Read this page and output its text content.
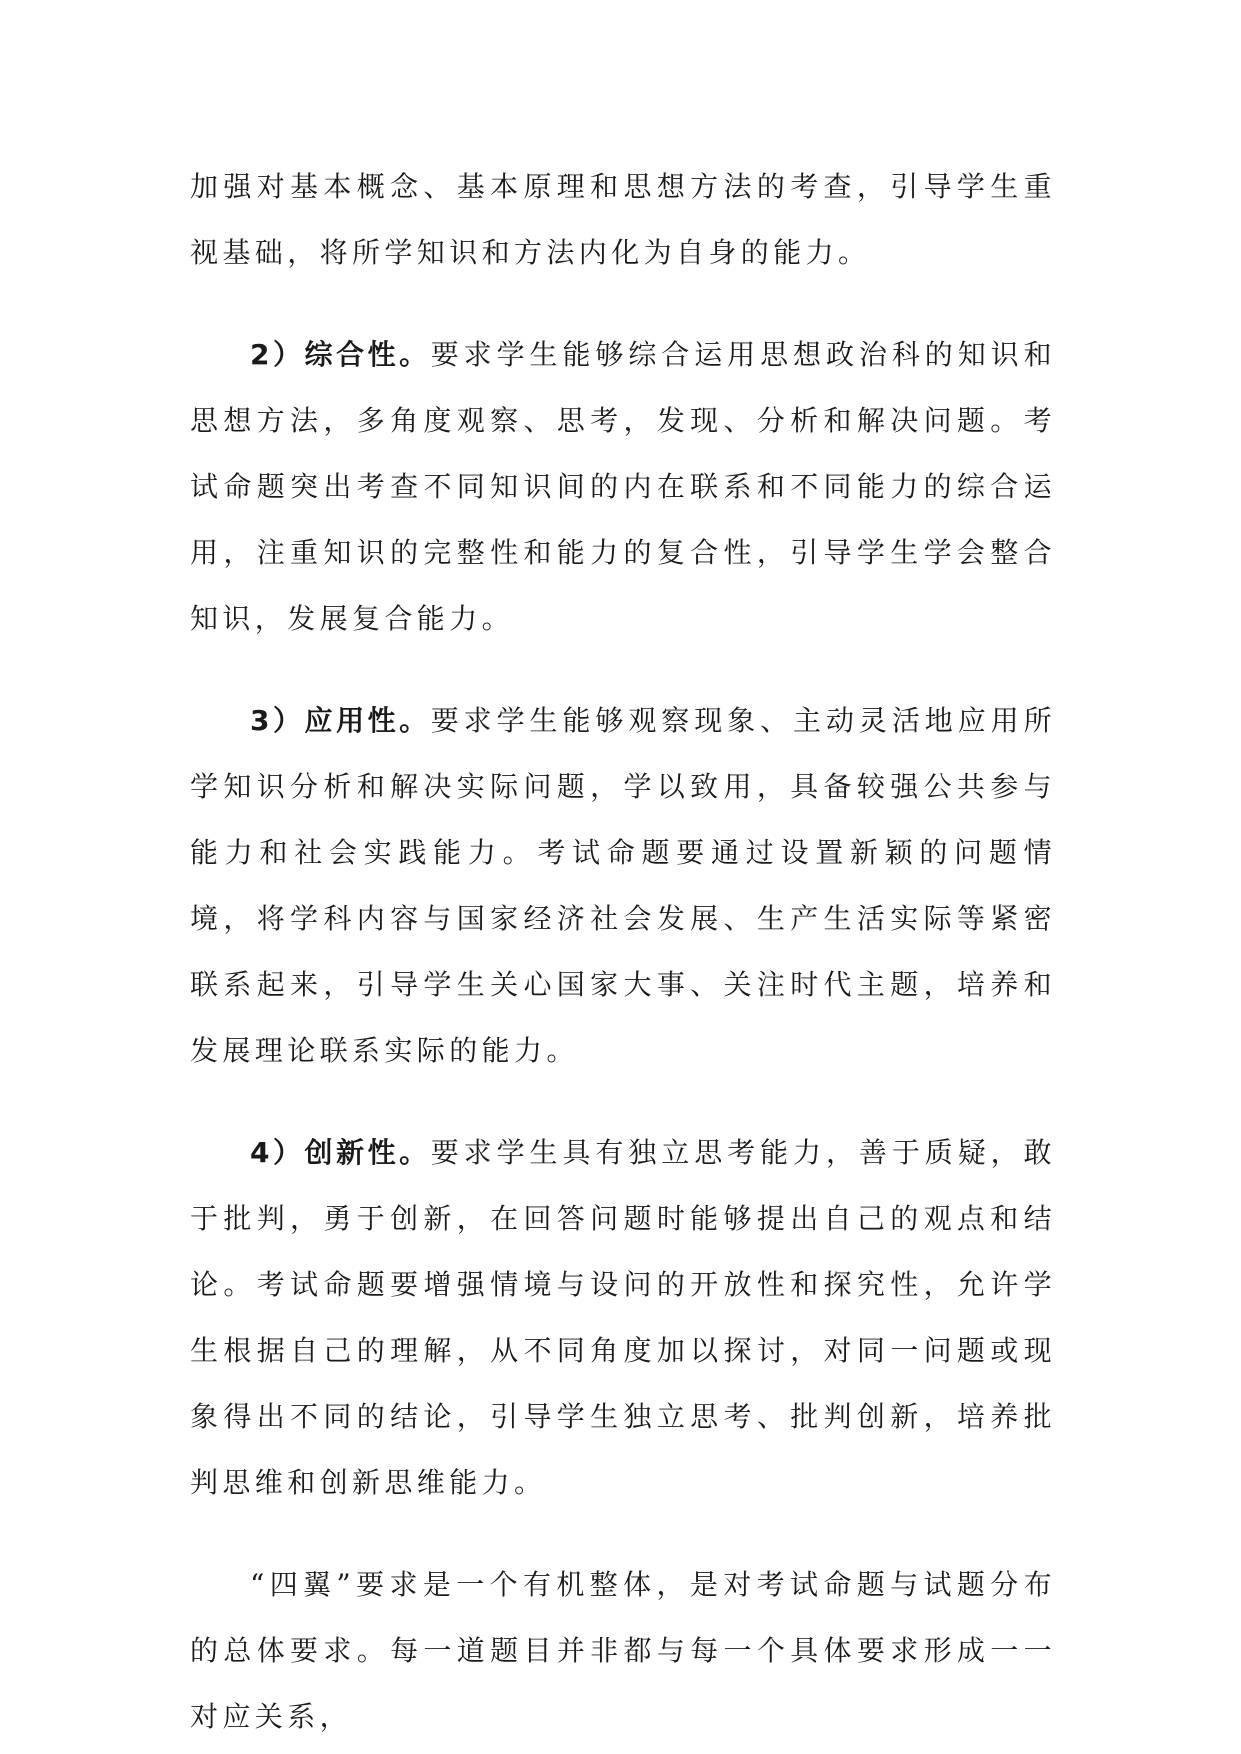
加强对基本概念、基本原理和思想方法的考查，引导学生重视基础，将所学知识和方法内化为自身的能力。

2）综合性。要求学生能够综合运用思想政治科的知识和思想方法，多角度观察、思考，发现、分析和解决问题。考试命题突出考查不同知识间的内在联系和不同能力的综合运用，注重知识的完整性和能力的复合性，引导学生学会整合知识，发展复合能力。

3）应用性。要求学生能够观察现象、主动灵活地应用所学知识分析和解决实际问题，学以致用，具备较强公共参与能力和社会实践能力。考试命题要通过设置新颖的问题情境，将学科内容与国家经济社会发展、生产生活实际等紧密联系起来，引导学生关心国家大事、关注时代主题，培养和发展理论联系实际的能力。

4）创新性。要求学生具有独立思考能力，善于质疑，敢于批判，勇于创新，在回答问题时能够提出自己的观点和结论。考试命题要增强情境与设问的开放性和探究性，允许学生根据自己的理解，从不同角度加以探讨，对同一问题或现象得出不同的结论，引导学生独立思考、批判创新，培养批判思维和创新思维能力。

“四翼”要求是一个有机整体，是对考试命题与试题分布的总体要求。每一道题目并非都与每一个具体要求形成一一对应关系，
